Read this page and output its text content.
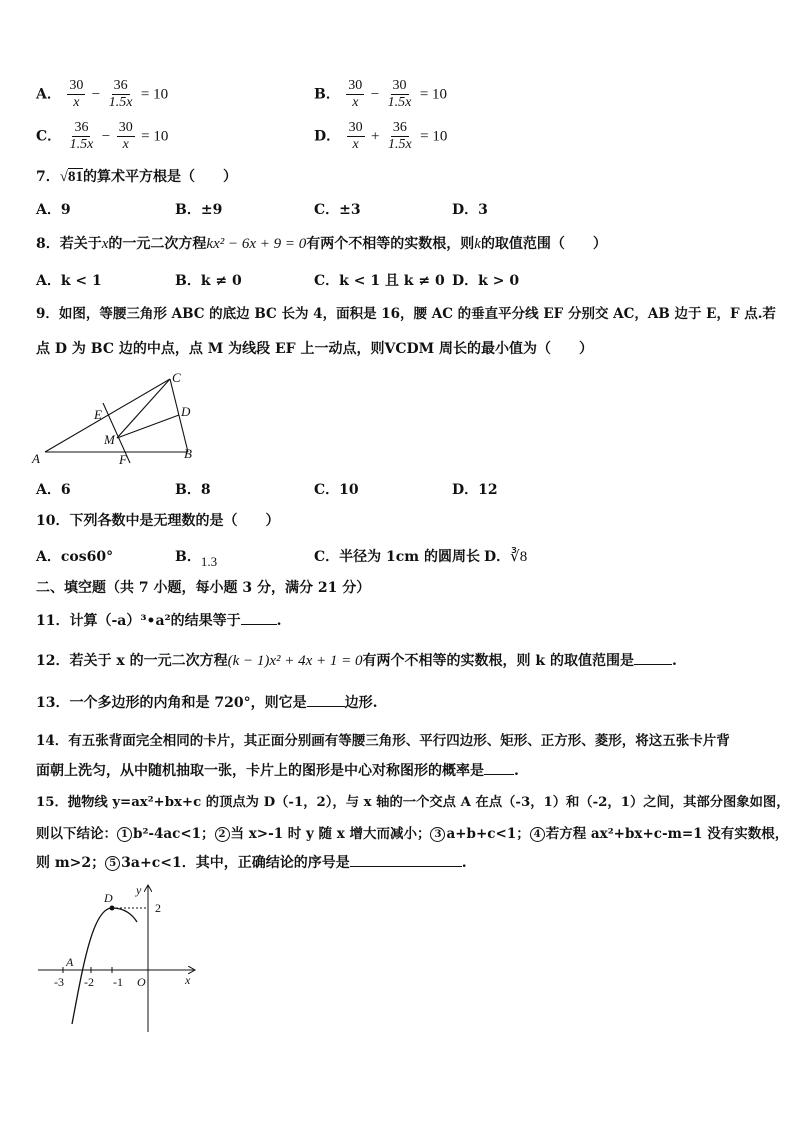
A． $\frac{30}{x} - \frac{36}{1.5x} = 10$	B． $\frac{30}{x} - \frac{30}{1.5x} = 10$
C． $\frac{36}{1.5x} - \frac{30}{x} = 10$	D． $\frac{30}{x} + \frac{36}{1.5x} = 10$
7．√81的算术平方根是（　　）
A．9	B．±9	C．±3	D．3
8．若关于x的一元二次方程kx² − 6x + 9 = 0有两个不相等的实数根，则k的取值范围（　　）
A．k < 1	B．k ≠ 0	C．k < 1 且 k ≠ 0 D．k > 0
9．如图，等腰三角形 ABC 的底边 BC 长为 4，面积是 16，腰 AC 的垂直平分线 EF 分别交 AC，AB 边于 E，F 点.若
点 D 为 BC 边的中点，点 M 为线段 EF 上一动点，则VCDM 周长的最小值为（　　）
A	B
C
D
E
F
M
A．6	B．8	C．10	D．12
10．下列各数中是无理数的是（　　）
A．cos60°	B．1.3	C．半径为 1cm 的圆周长 D．∛8
二、填空题（共 7 小题，每小题 3 分，满分 21 分）
11．计算（-a）³•a²的结果等于	.
12．若关于 x 的一元二次方程(k − 1)x² + 4x + 1 = 0有两个不相等的实数根，则 k 的取值范围是	.
13．一个多边形的内角和是 720°，则它是	边形.
14．有五张背面完全相同的卡片，其正面分别画有等腰三角形、平行四边形、矩形、正方形、菱形，将这五张卡片背
面朝上洗匀，从中随机抽取一张，卡片上的图形是中心对称图形的概率是 .
15．抛物线 y=ax²+bx+c 的顶点为 D（-1，2），与 x 轴的一个交点 A 在点（-3，1）和（-2，1）之间，其部分图象如图，
则以下结论： 1 b²-4ac<1； 2 当 x>-1 时 y 随 x 增大而减小； 3 a+b+c<1； 4 若方程 ax²+bx+c-m=1 没有实数根，
则 m>2； 5 3a+c<1．其中，正确结论的序号是	.
D
A
y
x
O
2
-3 -2 -1
